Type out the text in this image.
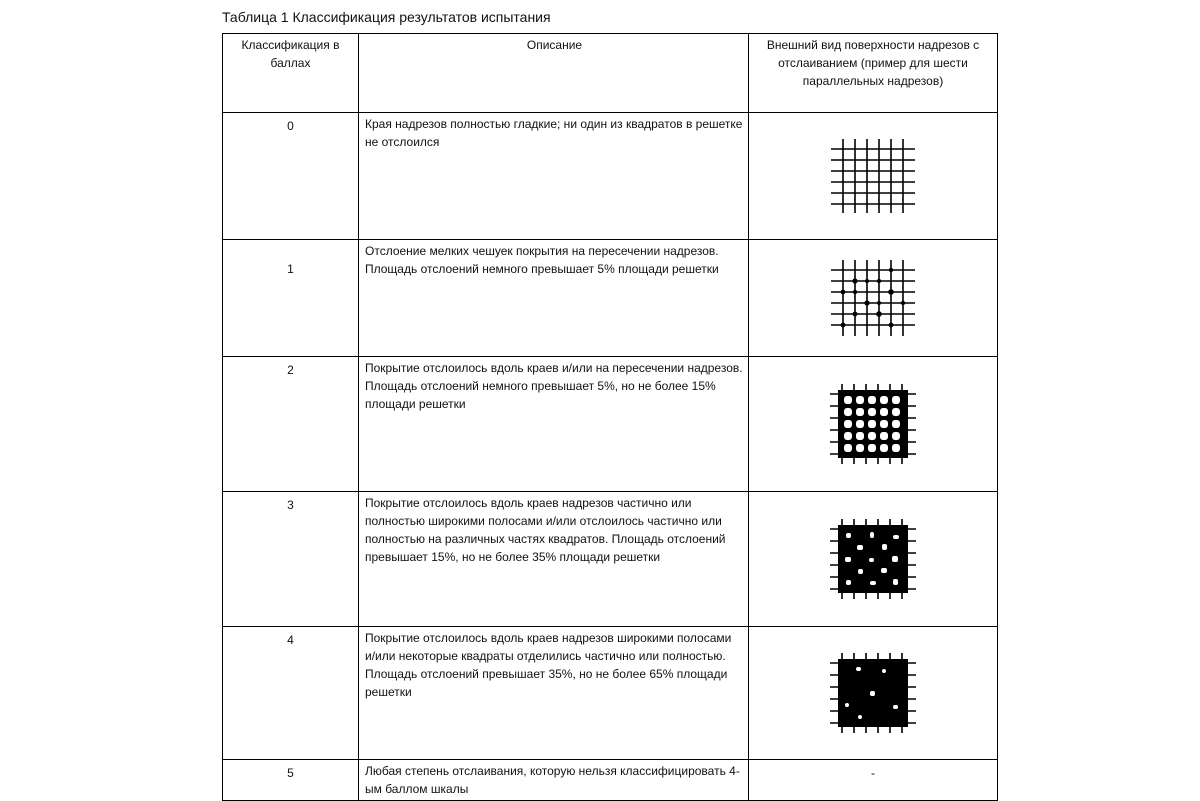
Таблица 1 Классификация результатов испытания
Классификация в баллах	Описание	Внешний вид поверхности надрезов с отслаиванием (пример для шести параллельных надрезов)

0	Края надрезов полностью гладкие; ни один из квадратов в решетке не отслоился	

1	Отслоение мелких чешуек покрытия на пересечении надрезов. Площадь отслоений немного превышает 5% площади решетки	

2	Покрытие отслоилось вдоль краев и/или на пересечении надрезов. Площадь отслоений немного превышает 5%, но не более 15% площади решетки	

3	Покрытие отслоилось вдоль краев надрезов частично или полностью широкими полосами и/или отслоилось частично или полностью на различных частях квадратов. Площадь отслоений превышает 15%, но не более 35% площади решетки	

4	Покрытие отслоилось вдоль краев надрезов широкими полосами и/или некоторые квадраты отделились частично или полностью. Площадь отслоений превышает 35%, но не более 65% площади решетки	

5	Любая степень отслаивания, которую нельзя классифицировать 4-ым баллом шкалы	-
